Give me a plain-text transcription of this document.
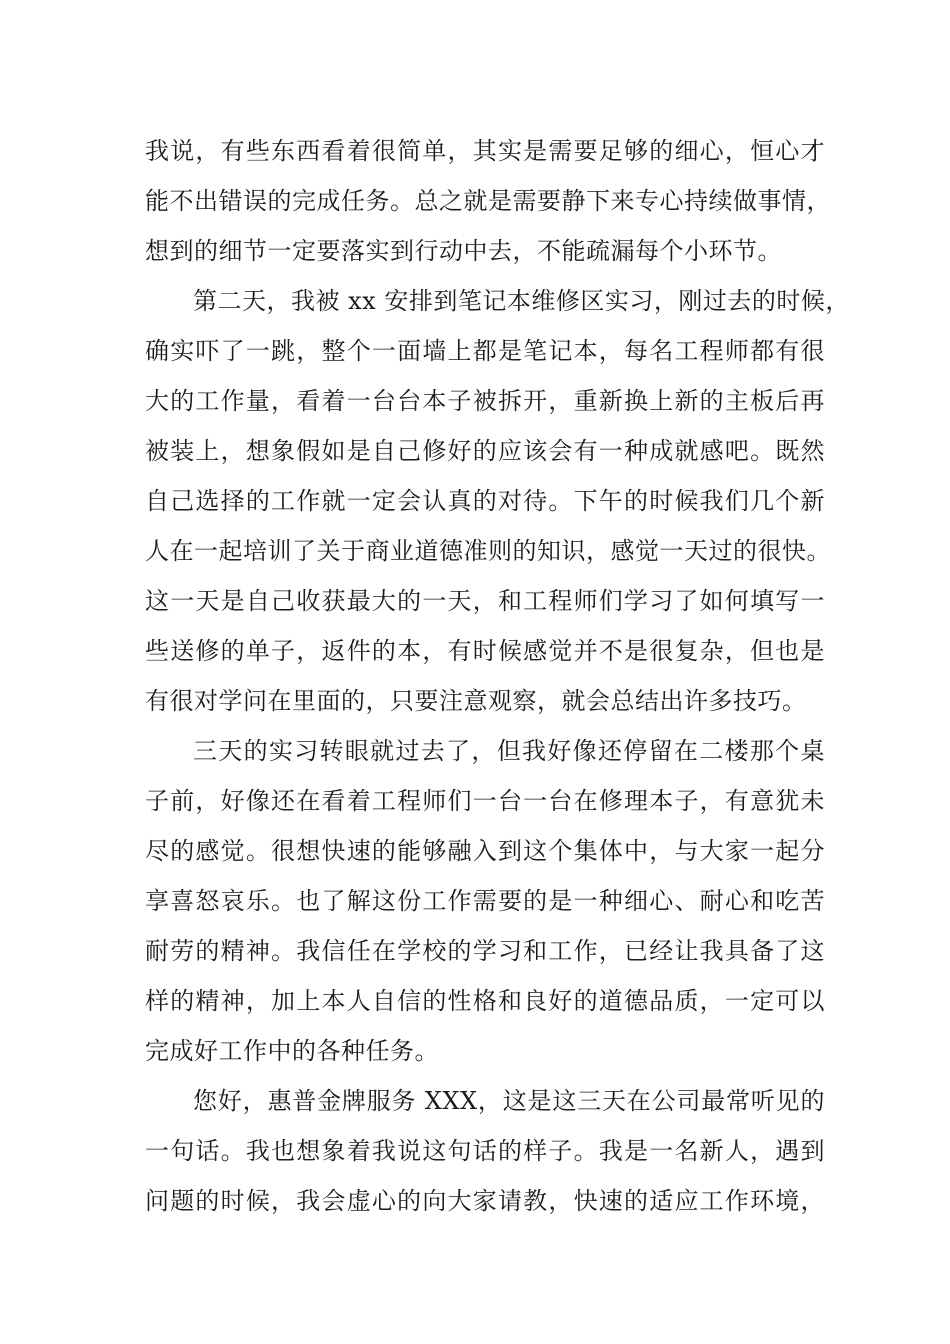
我说，有些东西看着很简单，其实是需要足够的细心，恒心才
能不出错误的完成任务。总之就是需要静下来专心持续做事情，
想到的细节一定要落实到行动中去，不能疏漏每个小环节。
第二天，我被 xx 安排到笔记本维修区实习，刚过去的时候，
确实吓了一跳，整个一面墙上都是笔记本，每名工程师都有很
大的工作量，看着一台台本子被拆开，重新换上新的主板后再
被装上，想象假如是自己修好的应该会有一种成就感吧。既然
自己选择的工作就一定会认真的对待。下午的时候我们几个新
人在一起培训了关于商业道德准则的知识，感觉一天过的很快。
这一天是自己收获最大的一天，和工程师们学习了如何填写一
些送修的单子，返件的本，有时候感觉并不是很复杂，但也是
有很对学问在里面的，只要注意观察，就会总结出许多技巧。
三天的实习转眼就过去了，但我好像还停留在二楼那个桌
子前，好像还在看着工程师们一台一台在修理本子，有意犹未
尽的感觉。很想快速的能够融入到这个集体中，与大家一起分
享喜怒哀乐。也了解这份工作需要的是一种细心、耐心和吃苦
耐劳的精神。我信任在学校的学习和工作，已经让我具备了这
样的精神，加上本人自信的性格和良好的道德品质，一定可以
完成好工作中的各种任务。
您好，惠普金牌服务 XXX，这是这三天在公司最常听见的
一句话。我也想象着我说这句话的样子。我是一名新人，遇到
问题的时候，我会虚心的向大家请教，快速的适应工作环境，
